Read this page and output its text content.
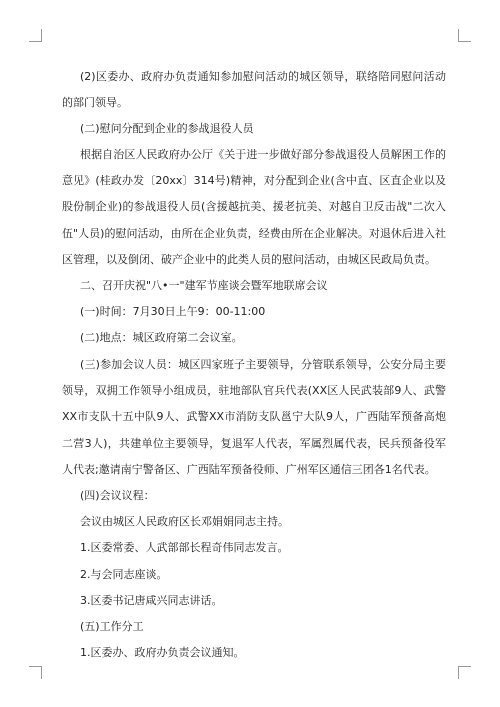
(2)区委办、政府办负责通知参加慰问活动的城区领导，联络陪同慰问活动的部门领导。

(二)慰问分配到企业的参战退役人员

根据自治区人民政府办公厅《关于进一步做好部分参战退役人员解困工作的意见》(桂政办发〔20xx〕314号)精神，对分配到企业(含中直、区直企业以及股份制企业)的参战退役人员(含援越抗美、援老抗美、对越自卫反击战"二次入伍"人员)的慰问活动，由所在企业负责，经费由所在企业解决。对退休后进入社区管理，以及倒闭、破产企业中的此类人员的慰问活动，由城区民政局负责。

二、召开庆祝"八•一"建军节座谈会暨军地联席会议

(一)时间：7月30日上午9：00-11:00

(二)地点：城区政府第二会议室。

(三)参加会议人员：城区四家班子主要领导，分管联系领导，公安分局主要领导，双拥工作领导小组成员，驻地部队官兵代表(XX区人民武装部9人、武警XX市支队十五中队9人、武警XX市消防支队邕宁大队9人，广西陆军预备高炮二营3人)，共建单位主要领导，复退军人代表，军属烈属代表，民兵预备役军人代表;邀请南宁警备区、广西陆军预备役师、广州军区通信三团各1名代表。

(四)会议议程：

会议由城区人民政府区长邓娟娟同志主持。

1.区委常委、人武部部长程奇伟同志发言。

2.与会同志座谈。

3.区委书记唐咸兴同志讲话。

(五)工作分工

1.区委办、政府办负责会议通知。
